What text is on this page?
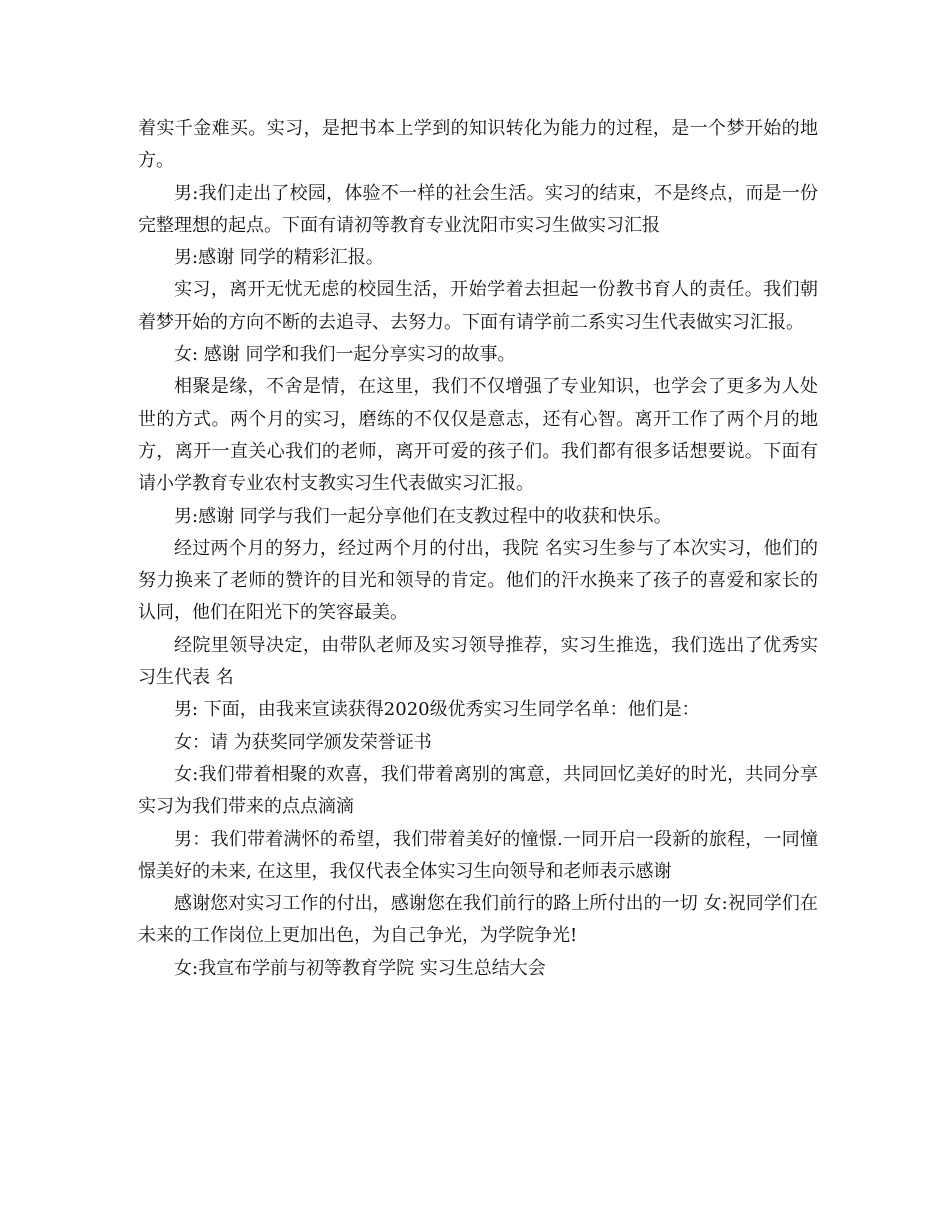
着实千金难买。实习，是把书本上学到的知识转化为能力的过程，是一个梦开始的地方。

男:我们走出了校园，体验不一样的社会生活。实习的结束，不是终点，而是一份完整理想的起点。下面有请初等教育专业沈阳市实习生做实习汇报

男:感谢 同学的精彩汇报。

实习，离开无忧无虑的校园生活，开始学着去担起一份教书育人的责任。我们朝着梦开始的方向不断的去追寻、去努力。下面有请学前二系实习生代表做实习汇报。

女: 感谢 同学和我们一起分享实习的故事。

相聚是缘，不舍是情，在这里，我们不仅增强了专业知识，也学会了更多为人处世的方式。两个月的实习，磨练的不仅仅是意志，还有心智。离开工作了两个月的地方，离开一直关心我们的老师，离开可爱的孩子们。我们都有很多话想要说。下面有请小学教育专业农村支教实习生代表做实习汇报。

男:感谢 同学与我们一起分享他们在支教过程中的收获和快乐。

经过两个月的努力，经过两个月的付出，我院 名实习生参与了本次实习，他们的努力换来了老师的赞许的目光和领导的肯定。他们的汗水换来了孩子的喜爱和家长的认同，他们在阳光下的笑容最美。

经院里领导决定，由带队老师及实习领导推荐，实习生推选，我们选出了优秀实习生代表 名

男: 下面，由我来宣读获得2020级优秀实习生同学名单：他们是：

女：请 为获奖同学颁发荣誉证书

女:我们带着相聚的欢喜，我们带着离别的寓意，共同回忆美好的时光，共同分享实习为我们带来的点点滴滴

男：我们带着满怀的希望，我们带着美好的憧憬.一同开启一段新的旅程，一同憧憬美好的未来, 在这里，我仅代表全体实习生向领导和老师表示感谢

感谢您对实习工作的付出，感谢您在我们前行的路上所付出的一切 女:祝同学们在未来的工作岗位上更加出色，为自己争光，为学院争光!

女:我宣布学前与初等教育学院 实习生总结大会
